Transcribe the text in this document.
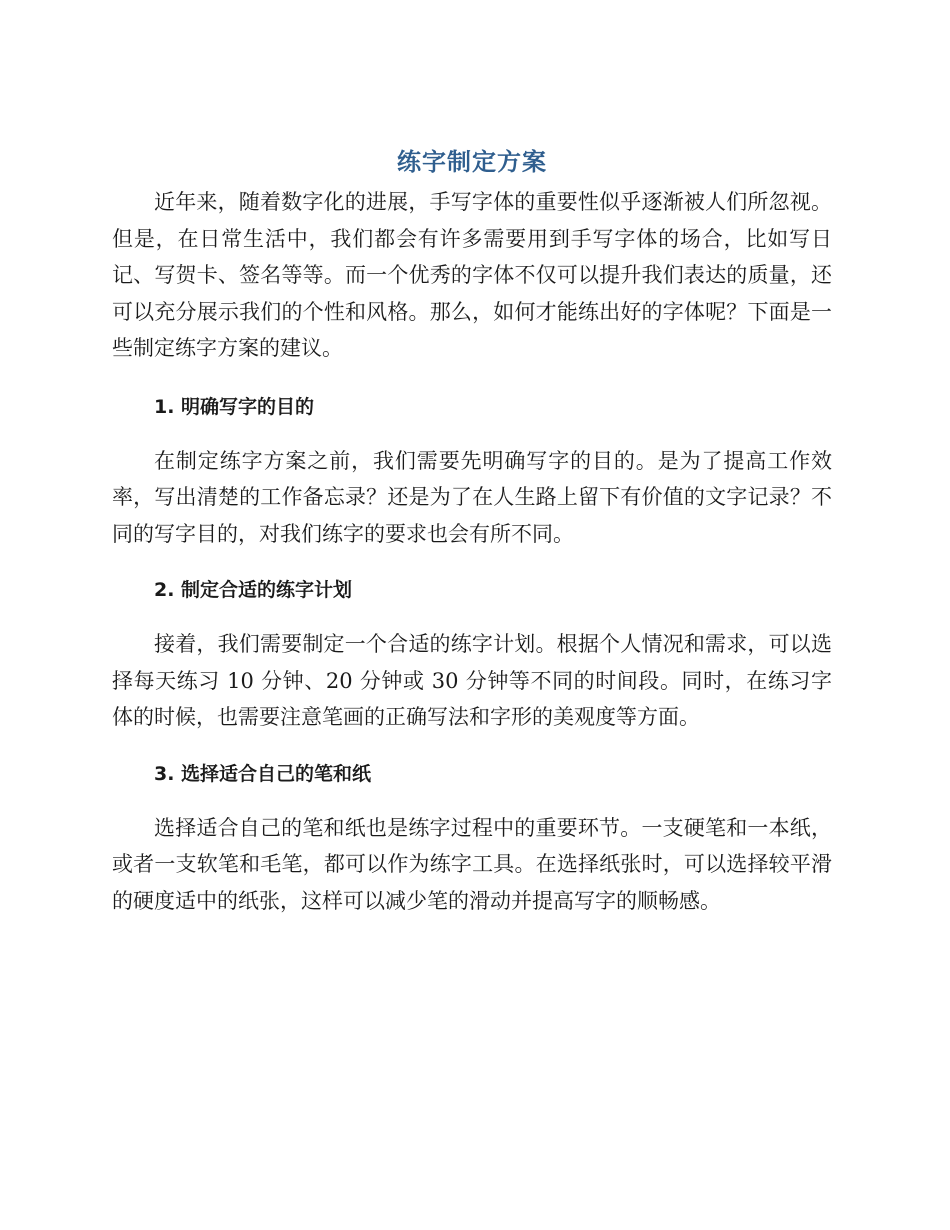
练字制定方案

近年来，随着数字化的进展，手写字体的重要性似乎逐渐被人们所忽视。但是，在日常生活中，我们都会有许多需要用到手写字体的场合，比如写日记、写贺卡、签名等等。而一个优秀的字体不仅可以提升我们表达的质量，还可以充分展示我们的个性和风格。那么，如何才能练出好的字体呢？下面是一些制定练字方案的建议。

1. 明确写字的目的

在制定练字方案之前，我们需要先明确写字的目的。是为了提高工作效率，写出清楚的工作备忘录？还是为了在人生路上留下有价值的文字记录？不同的写字目的，对我们练字的要求也会有所不同。

2. 制定合适的练字计划

接着，我们需要制定一个合适的练字计划。根据个人情况和需求，可以选择每天练习 10 分钟、20 分钟或 30 分钟等不同的时间段。同时，在练习字体的时候，也需要注意笔画的正确写法和字形的美观度等方面。

3. 选择适合自己的笔和纸

选择适合自己的笔和纸也是练字过程中的重要环节。一支硬笔和一本纸，或者一支软笔和毛笔，都可以作为练字工具。在选择纸张时，可以选择较平滑的硬度适中的纸张，这样可以减少笔的滑动并提高写字的顺畅感。
